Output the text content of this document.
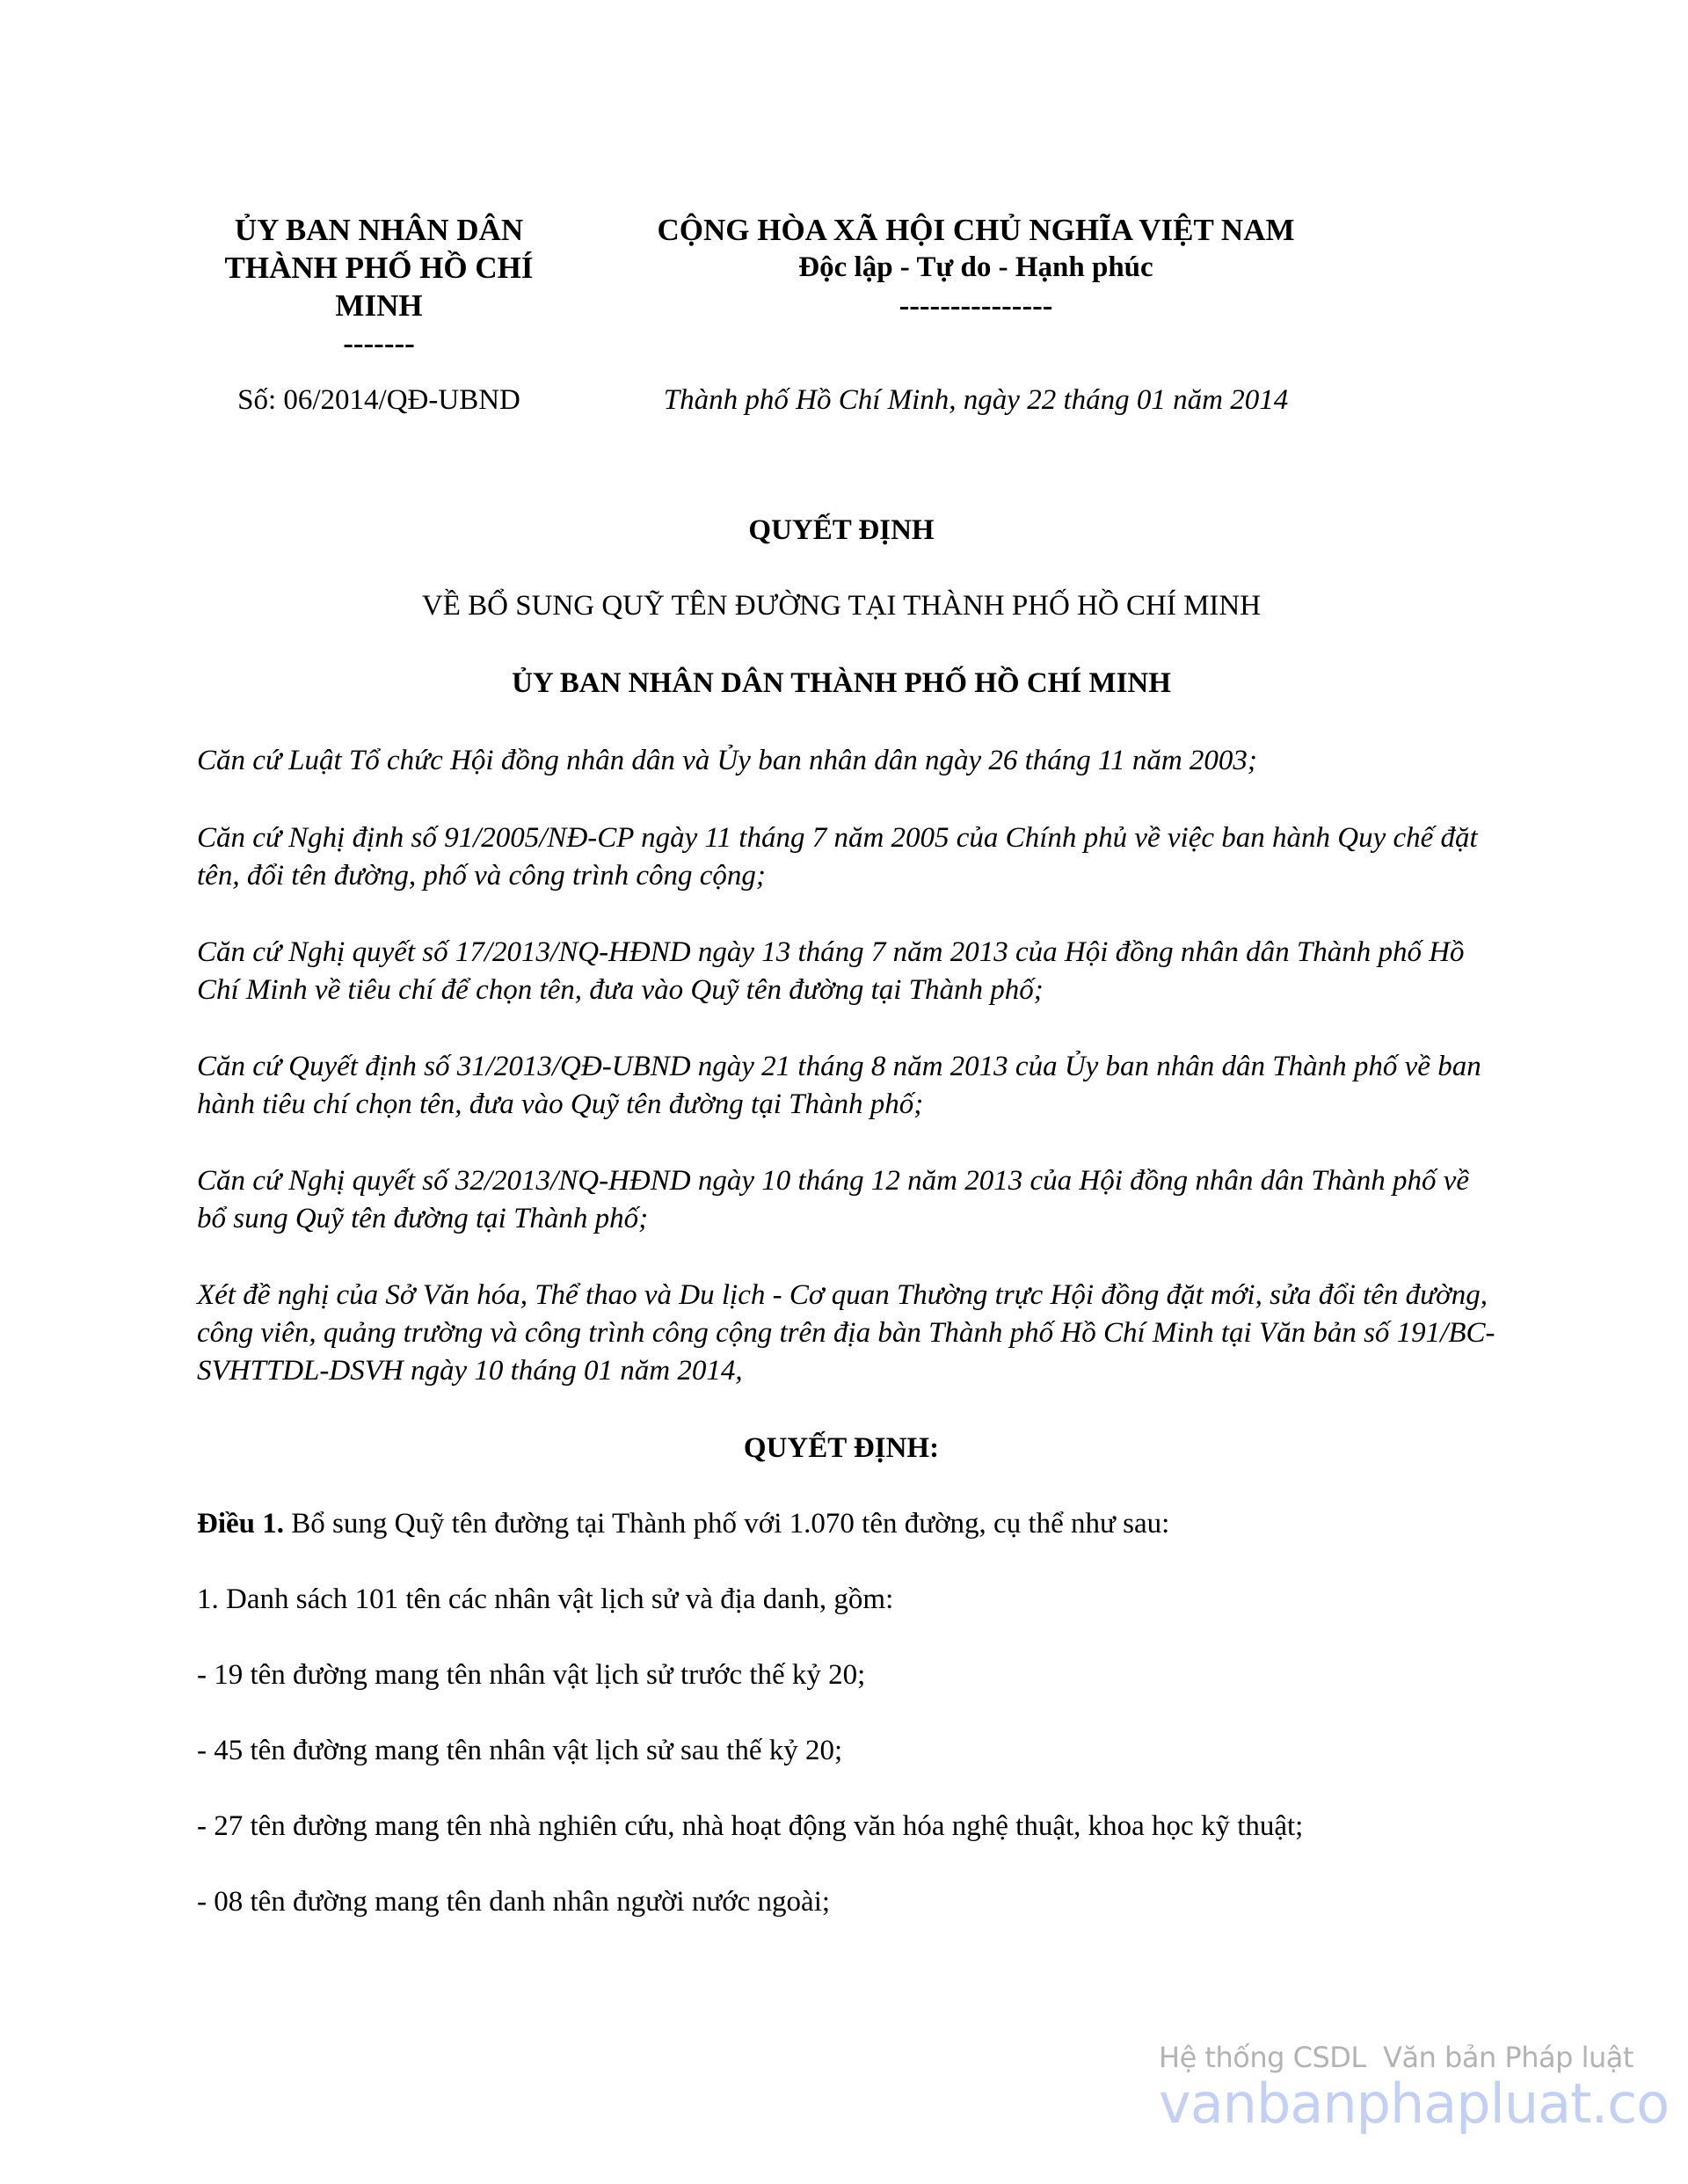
ỦY BAN NHÂN DÂN
THÀNH PHỐ HỒ CHÍ
MINH
-------
CỘNG HÒA XÃ HỘI CHỦ NGHĨA VIỆT NAM
Độc lập - Tự do - Hạnh phúc
---------------
Số: 06/2014/QĐ-UBND	Thành phố Hồ Chí Minh, ngày 22 tháng 01 năm 2014
QUYẾT ĐỊNH
VỀ BỔ SUNG QUỸ TÊN ĐƯỜNG TẠI THÀNH PHỐ HỒ CHÍ MINH
ỦY BAN NHÂN DÂN THÀNH PHỐ HỒ CHÍ MINH
Căn cứ Luật Tổ chức Hội đồng nhân dân và Ủy ban nhân dân ngày 26 tháng 11 năm 2003;
Căn cứ Nghị định số 91/2005/NĐ-CP ngày 11 tháng 7 năm 2005 của Chính phủ về việc ban hành Quy chế đặt tên, đổi tên đường, phố và công trình công cộng;
Căn cứ Nghị quyết số 17/2013/NQ-HĐND ngày 13 tháng 7 năm 2013 của Hội đồng nhân dân Thành phố Hồ Chí Minh về tiêu chí để chọn tên, đưa vào Quỹ tên đường tại Thành phố;
Căn cứ Quyết định số 31/2013/QĐ-UBND ngày 21 tháng 8 năm 2013 của Ủy ban nhân dân Thành phố về ban hành tiêu chí chọn tên, đưa vào Quỹ tên đường tại Thành phố;
Căn cứ Nghị quyết số 32/2013/NQ-HĐND ngày 10 tháng 12 năm 2013 của Hội đồng nhân dân Thành phố về bổ sung Quỹ tên đường tại Thành phố;
Xét đề nghị của Sở Văn hóa, Thể thao và Du lịch - Cơ quan Thường trực Hội đồng đặt mới, sửa đổi tên đường, công viên, quảng trường và công trình công cộng trên địa bàn Thành phố Hồ Chí Minh tại Văn bản số 191/BC- SVHTTDL-DSVH ngày 10 tháng 01 năm 2014,
QUYẾT ĐỊNH:
Điều 1. Bổ sung Quỹ tên đường tại Thành phố với 1.070 tên đường, cụ thể như sau:
1. Danh sách 101 tên các nhân vật lịch sử và địa danh, gồm:
- 19 tên đường mang tên nhân vật lịch sử trước thế kỷ 20;
- 45 tên đường mang tên nhân vật lịch sử sau thế kỷ 20;
- 27 tên đường mang tên nhà nghiên cứu, nhà hoạt động văn hóa nghệ thuật, khoa học kỹ thuật;
- 08 tên đường mang tên danh nhân người nước ngoài;
Hệ thống CSDL  Văn bản Pháp luật
vanbanphapluat.co
